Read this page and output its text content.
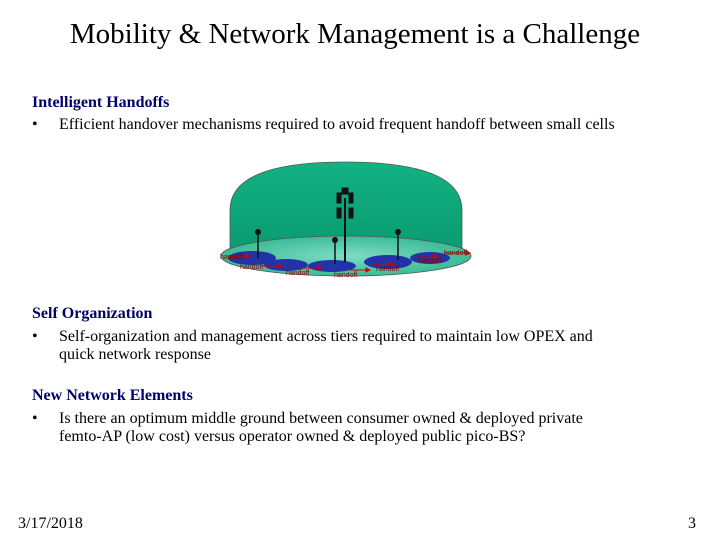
Mobility & Network Management is a Challenge
Intelligent Handoffs
•	Efficient handover mechanisms required to avoid frequent handoff between small cells
handoff
handoff
handoff	handoff
handoff
handoff
handoff
Self Organization
•	Self-organization and management across tiers required to maintain low OPEX and
quick network response
New Network Elements
•	Is there an optimum middle ground between consumer owned & deployed private
femto-AP (low cost) versus operator owned & deployed public pico-BS?
3/17/2018	3
